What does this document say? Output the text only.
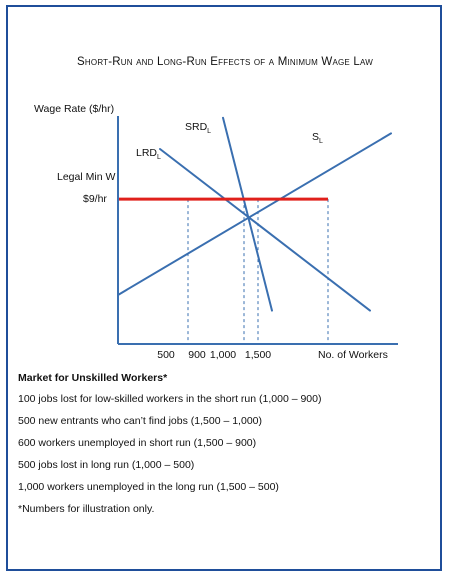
Short-Run and Long-Run Effects of a Minimum Wage Law
Wage Rate ($/hr)
No. of Workers
Legal Min W
$9/hr
500 900 1,000 1,500
$SRD_L$
$LRD_L$
$S_L$
Market for Unskilled Workers*
100 jobs lost for low-skilled workers in the short run (1,000 – 900)
500 new entrants who can’t find jobs (1,500 – 1,000)
600 workers unemployed in short run (1,500 – 900)
500 jobs lost in long run (1,000 – 500)
1,000 workers unemployed in the long run (1,500 – 500)
*Numbers for illustration only.
